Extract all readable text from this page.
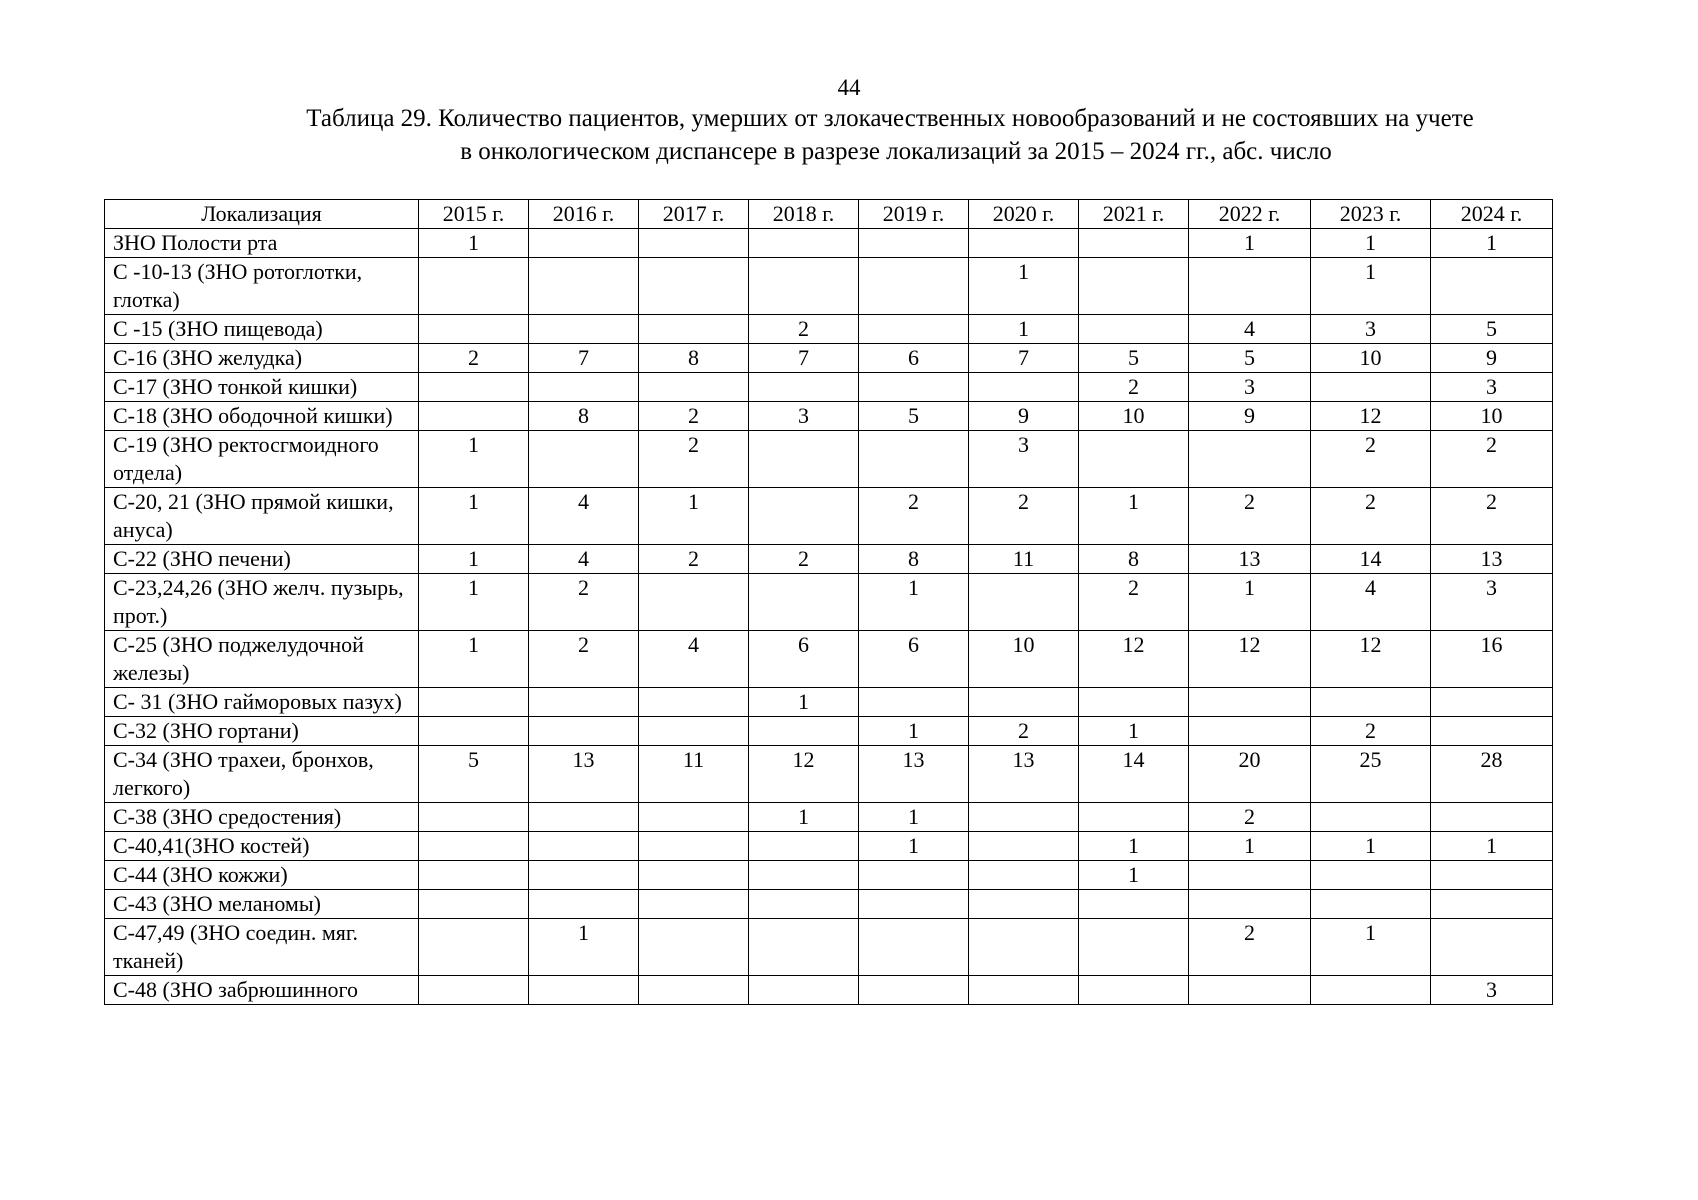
44
Таблица 29. Количество пациентов, умерших от злокачественных новообразований и не состоявших на учете
в онкологическом диспансере в разрезе локализаций за 2015 – 2024 гг., абс. число
Локализация	2015 г.	2016 г.	2017 г.	2018 г.	2019 г.	2020 г.	2021 г.	2022 г.	2023 г.	2024 г.
ЗНО Полости рта	1							1	1	1
С -10-13 (ЗНО ротоглотки, глотка)						1			1	
С -15 (ЗНО пищевода)				2		1		4	3	5
С-16 (ЗНО желудка)	2	7	8	7	6	7	5	5	10	9
С-17 (ЗНО тонкой кишки)							2	3		3
С-18 (ЗНО ободочной кишки)		8	2	3	5	9	10	9	12	10
С-19 (ЗНО ректосгмоидного отдела)	1		2			3			2	2
С-20, 21 (ЗНО прямой кишки, ануса)	1	4	1		2	2	1	2	2	2
С-22 (ЗНО печени)	1	4	2	2	8	11	8	13	14	13
С-23,24,26 (ЗНО желч. пузырь, прот.)	1	2			1		2	1	4	3
С-25 (ЗНО поджелудочной железы)	1	2	4	6	6	10	12	12	12	16
С- 31 (ЗНО гайморовых пазух)				1						
С-32 (ЗНО гортани)					1	2	1		2	
С-34 (ЗНО трахеи, бронхов, легкого)	5	13	11	12	13	13	14	20	25	28
С-38 (ЗНО средостения)				1	1			2		
С-40,41(ЗНО костей)					1		1	1	1	1
С-44 (ЗНО кожжи)							1			
С-43 (ЗНО меланомы)										
С-47,49 (ЗНО соедин. мяг. тканей)		1						2	1	
С-48 (ЗНО забрюшинного										3
